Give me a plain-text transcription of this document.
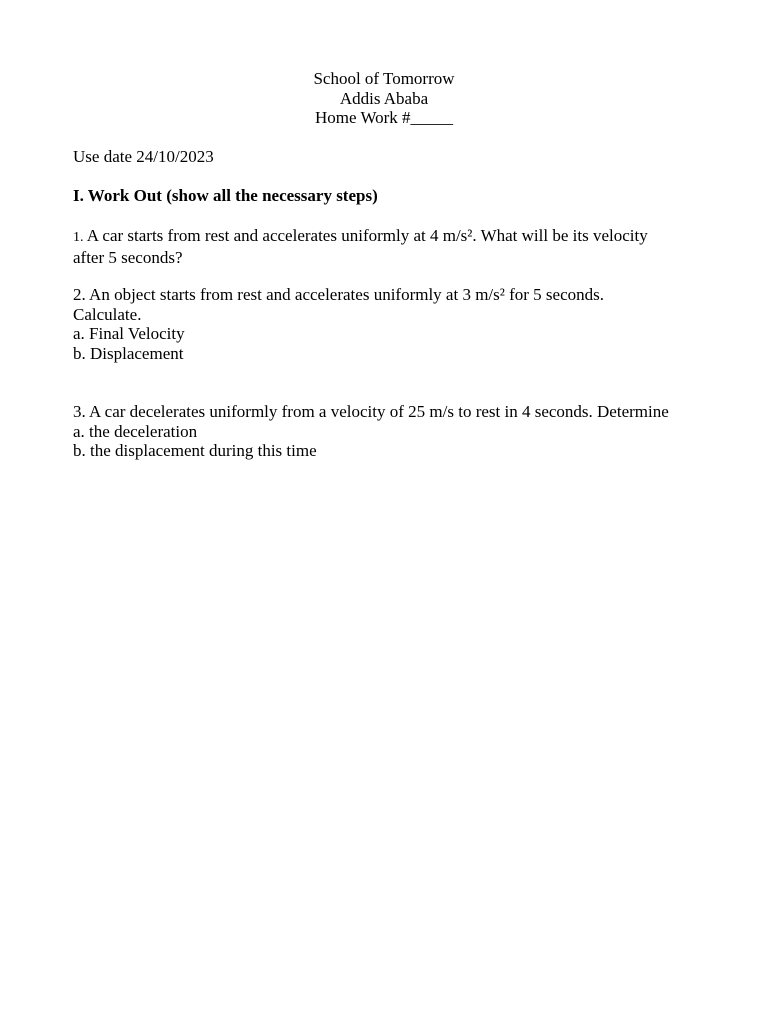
School of Tomorrow
Addis Ababa
Home Work #_____
Use date 24/10/2023
I. Work Out (show all the necessary steps)
1. A car starts from rest and accelerates uniformly at 4 m/s². What will be its velocity
after 5 seconds?
2. An object starts from rest and accelerates uniformly at 3 m/s² for 5 seconds.
Calculate.
a. Final Velocity
b. Displacement
3. A car decelerates uniformly from a velocity of 25 m/s to rest in 4 seconds. Determine
a. the deceleration
b. the displacement during this time
